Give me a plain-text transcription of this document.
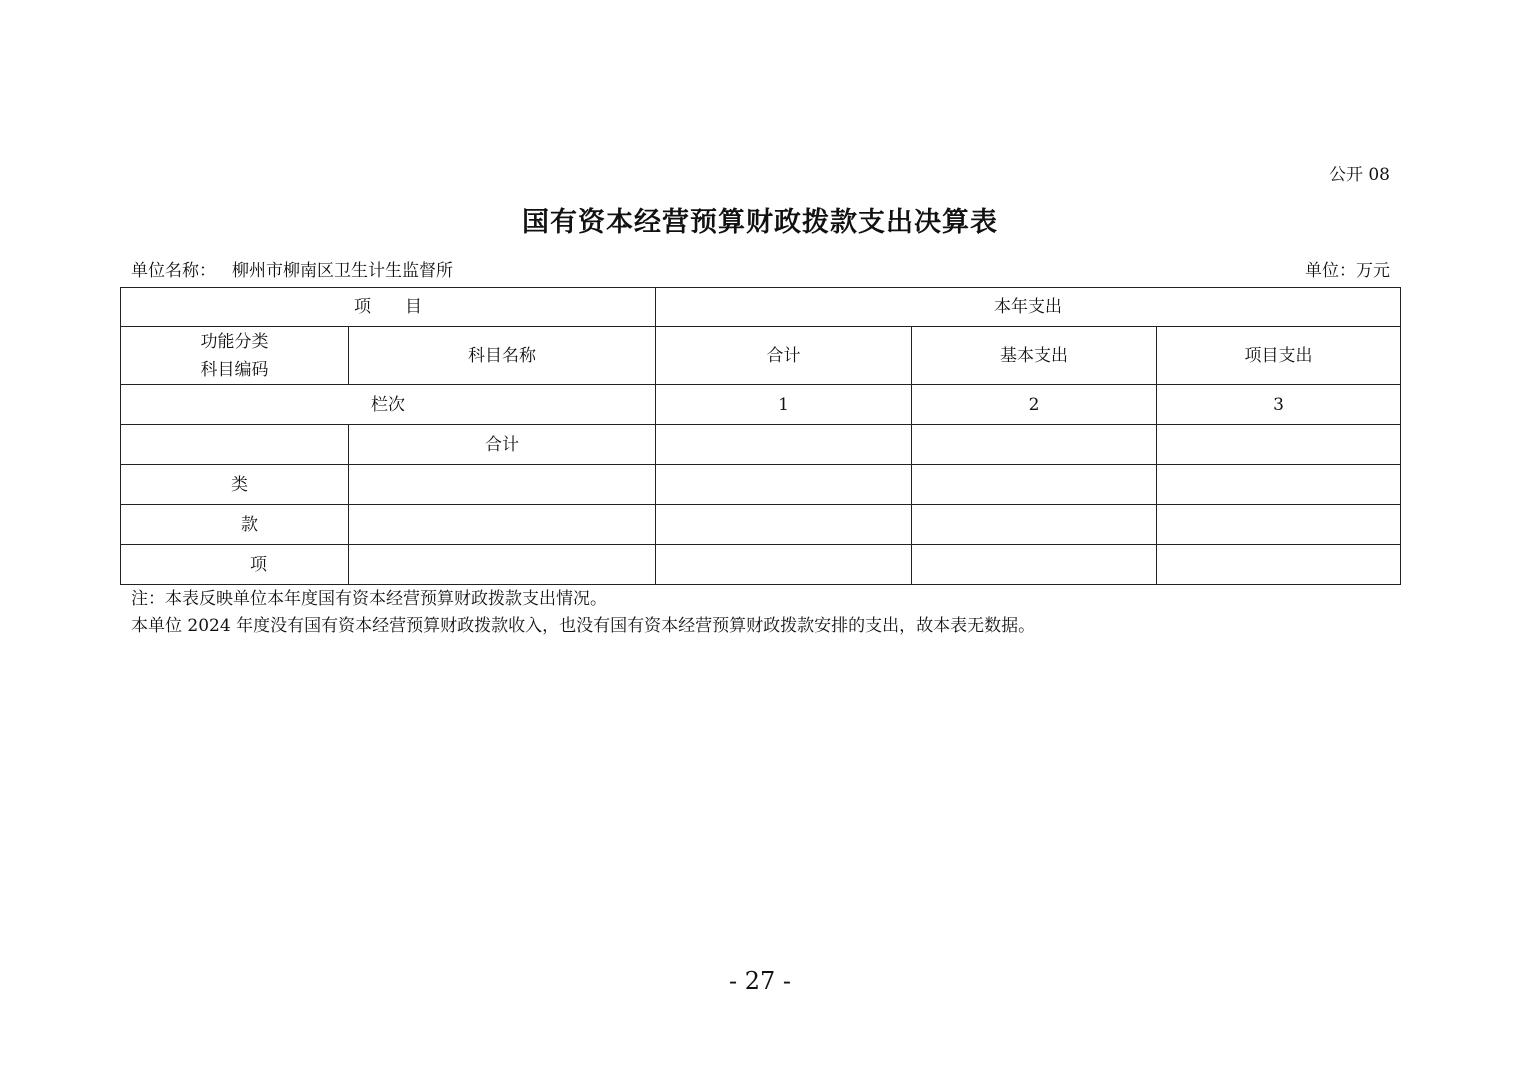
公开 08
国有资本经营预算财政拨款支出决算表
单位名称： 柳州市柳南区卫生计生监督所	单位：万元
项　　目		本年支出		

功能分类
科目编码	科目名称	合计	基本支出	项目支出
栏次		1	2	3
	合计			
类				
款				
项				
注：本表反映单位本年度国有资本经营预算财政拨款支出情况。
本单位 2024 年度没有国有资本经营预算财政拨款收入，也没有国有资本经营预算财政拨款安排的支出，故本表无数据。
- 27 -
